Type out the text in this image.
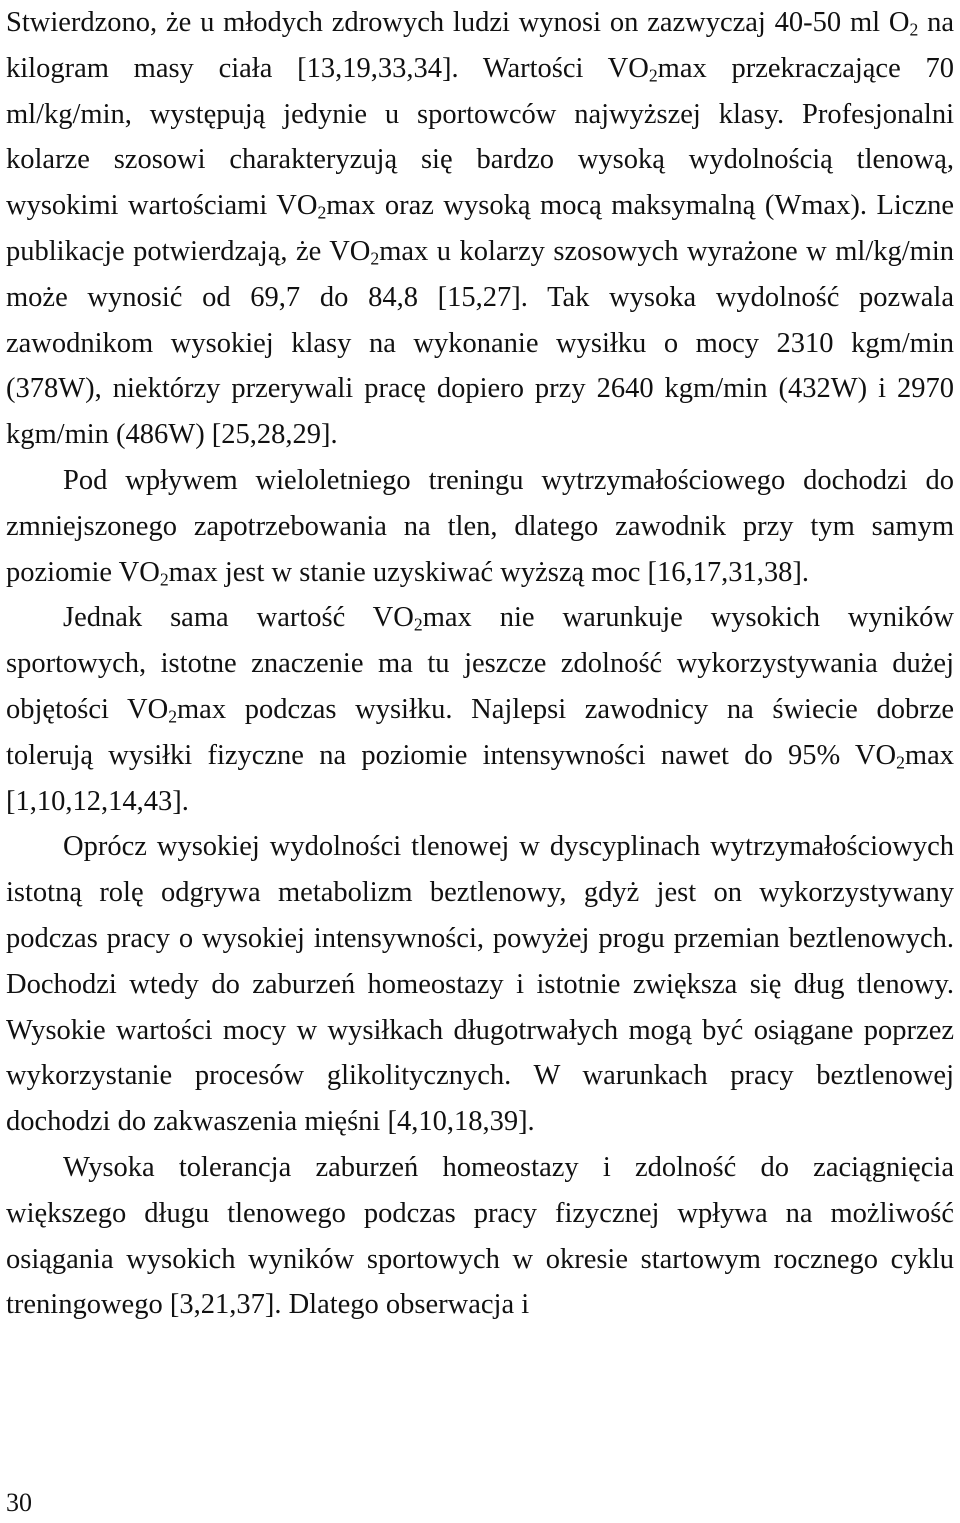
Stwierdzono, że u młodych zdrowych ludzi wynosi on zazwyczaj 40-50 ml $O_2$ na kilogram masy ciała [13,19,33,34]. Wartości $VO_2\max$ przekraczające 70 ml/kg/min, występują jedynie u sportowców najwyższej klasy. Profesjonalni kolarze szosowi charakteryzują się bardzo wysoką wydolnością tlenową, wysokimi wartościami $VO_2\max$ oraz wysoką mocą maksymalną (Wmax). Liczne publikacje potwierdzają, że $VO_2\max$ u kolarzy szosowych wyrażone w ml/kg/min może wynosić od 69,7 do 84,8 [15,27]. Tak wysoka wydolność pozwala zawodnikom wysokiej klasy na wykonanie wysiłku o mocy 2310 kgm/min (378W), niektórzy przerywali pracę dopiero przy 2640 kgm/min (432W) i 2970 kgm/min (486W) [25,28,29].

Pod wpływem wieloletniego treningu wytrzymałościowego dochodzi do zmniejszonego zapotrzebowania na tlen, dlatego zawodnik przy tym samym poziomie $VO_2\max$ jest w stanie uzyskiwać wyższą moc [16,17,31,38].

Jednak sama wartość $VO_2\max$ nie warunkuje wysokich wyników sportowych, istotne znaczenie ma tu jeszcze zdolność wykorzystywania dużej objętości $VO_2\max$ podczas wysiłku. Najlepsi zawodnicy na świecie dobrze tolerują wysiłki fizyczne na poziomie intensywności nawet do 95% $VO_2\max$ [1,10,12,14,43].

Oprócz wysokiej wydolności tlenowej w dyscyplinach wytrzymałościowych istotną rolę odgrywa metabolizm beztlenowy, gdyż jest on wykorzystywany podczas pracy o wysokiej intensywności, powyżej progu przemian beztlenowych. Dochodzi wtedy do zaburzeń homeostazy i istotnie zwiększa się dług tlenowy. Wysokie wartości mocy w wysiłkach długotrwałych mogą być osiągane poprzez wykorzystanie procesów glikolitycznych. W warunkach pracy beztlenowej dochodzi do zakwaszenia mięśni [4,10,18,39].

Wysoka tolerancja zaburzeń homeostazy i zdolność do zaciągnięcia większego długu tlenowego podczas pracy fizycznej wpływa na możliwość osiągania wysokich wyników sportowych w okresie startowym rocznego cyklu treningowego [3,21,37]. Dlatego obserwacja i

30
